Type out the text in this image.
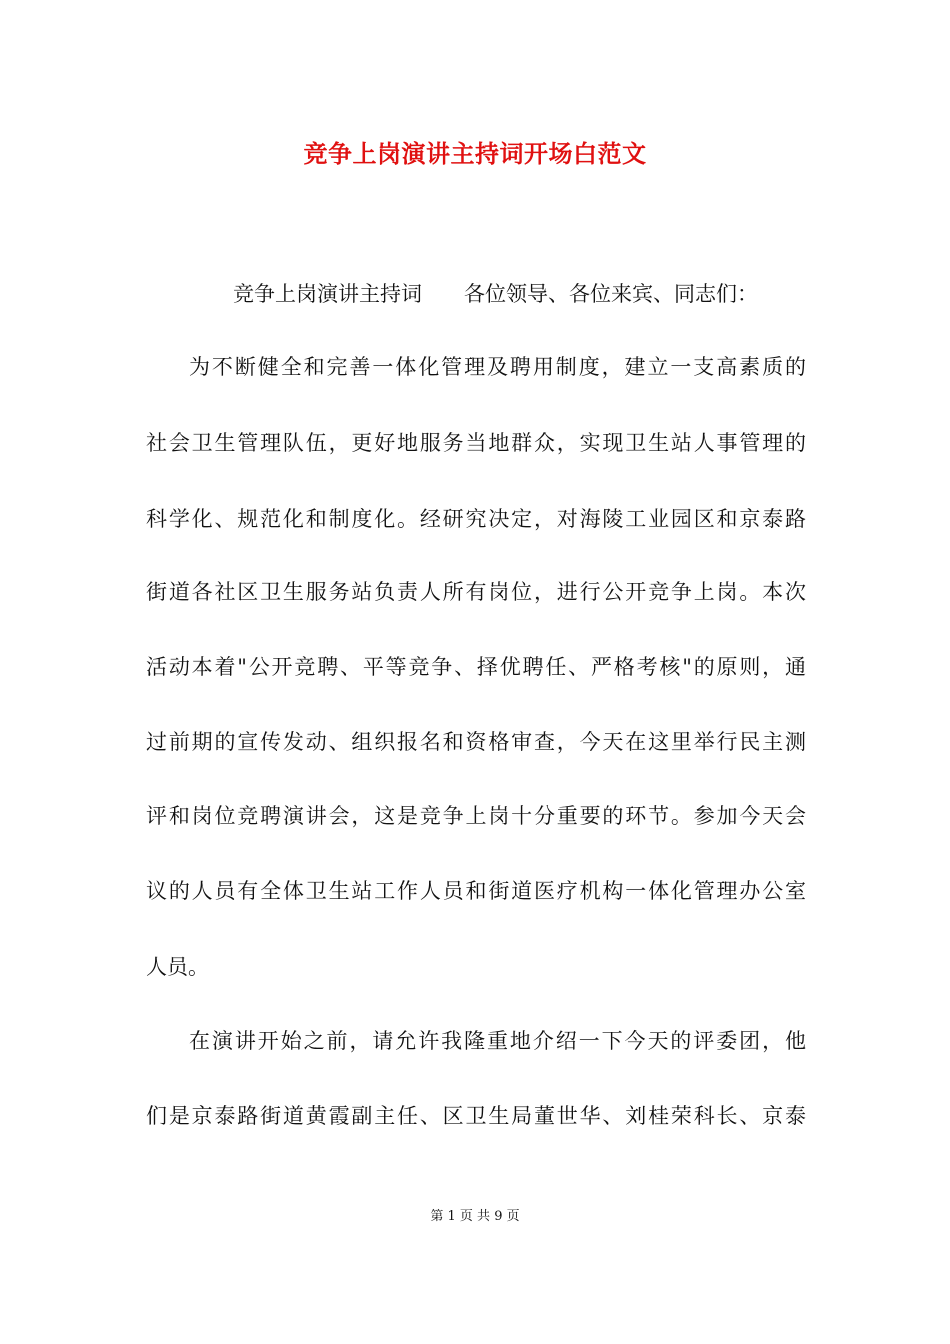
竞争上岗演讲主持词开场白范文
竞争上岗演讲主持词 各位领导、各位来宾、同志们：
为不断健全和完善一体化管理及聘用制度，建立一支高素质的
社会卫生管理队伍，更好地服务当地群众，实现卫生站人事管理的
科学化、规范化和制度化。经研究决定，对海陵工业园区和京泰路
街道各社区卫生服务站负责人所有岗位，进行公开竞争上岗。本次
活动本着"公开竞聘、平等竞争、择优聘任、严格考核"的原则，通
过前期的宣传发动、组织报名和资格审查，今天在这里举行民主测
评和岗位竞聘演讲会，这是竞争上岗十分重要的环节。参加今天会
议的人员有全体卫生站工作人员和街道医疗机构一体化管理办公室
人员。
在演讲开始之前，请允许我隆重地介绍一下今天的评委团，他
们是京泰路街道黄霞副主任、区卫生局董世华、刘桂荣科长、京泰
第 1 页 共 9 页
